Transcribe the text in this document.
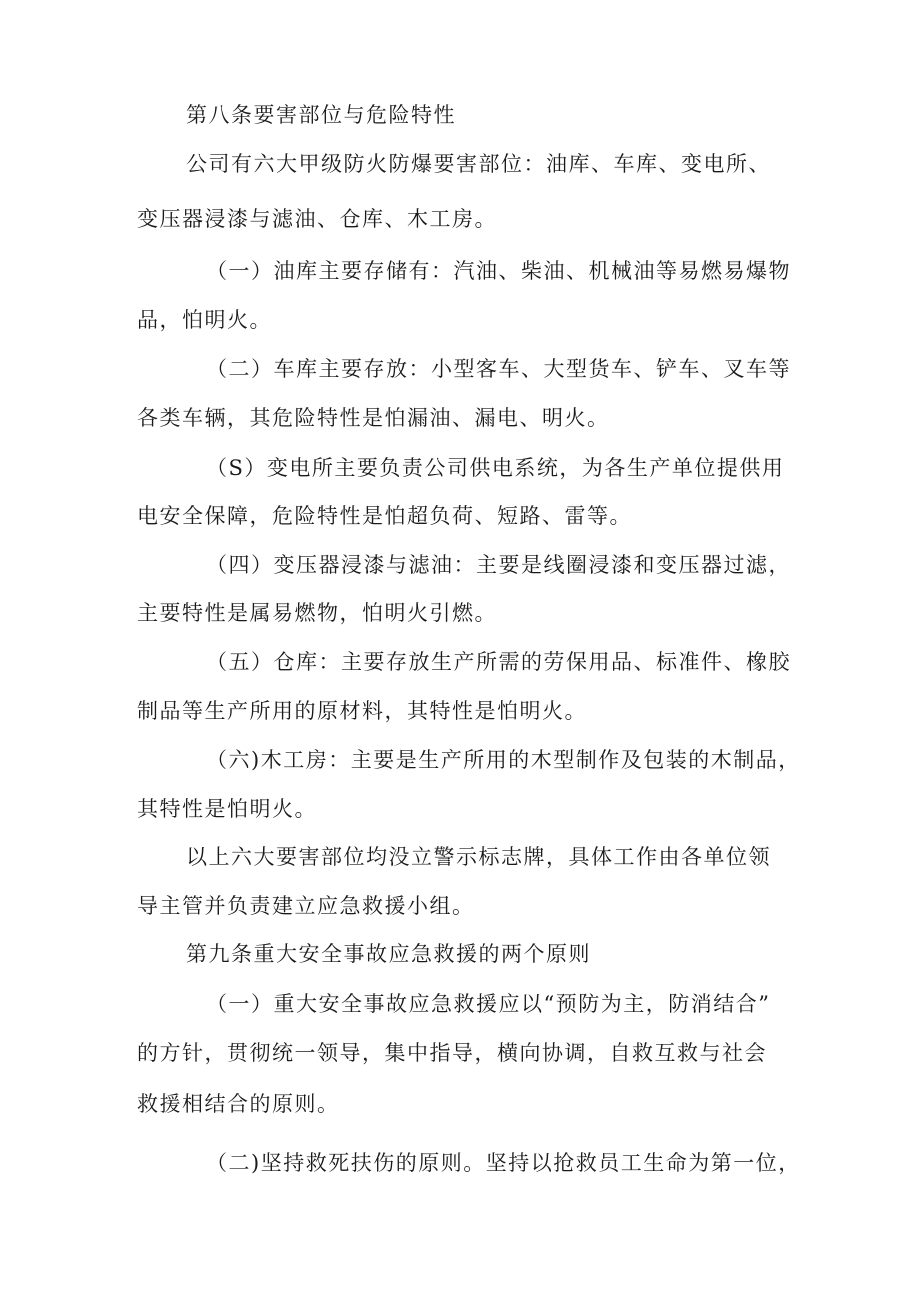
第八条要害部位与危险特性
公司有六大甲级防火防爆要害部位：油库、车库、变电所、
变压器浸漆与滤油、仓库、木工房。
（一）油库主要存储有：汽油、柴油、机械油等易燃易爆物
品，怕明火。
（二）车库主要存放：小型客车、大型货车、铲车、叉车等
各类车辆，其危险特性是怕漏油、漏电、明火。
（S）变电所主要负责公司供电系统，为各生产单位提供用
电安全保障，危险特性是怕超负荷、短路、雷等。
（四）变压器浸漆与滤油：主要是线圈浸漆和变压器过滤，
主要特性是属易燃物，怕明火引燃。
（五）仓库：主要存放生产所需的劳保用品、标准件、橡胶
制品等生产所用的原材料，其特性是怕明火。
（六)木工房：主要是生产所用的木型制作及包装的木制品，
其特性是怕明火。
以上六大要害部位均没立警示标志牌，具体工作由各单位领
导主管并负责建立应急救援小组。
第九条重大安全事故应急救援的两个原则
（一）重大安全事故应急救援应以“预防为主，防消结合”
的方针，贯彻统一领导，集中指导，横向协调，自救互救与社会
救援相结合的原则。
（二)坚持救死扶伤的原则。坚持以抢救员工生命为第一位，
